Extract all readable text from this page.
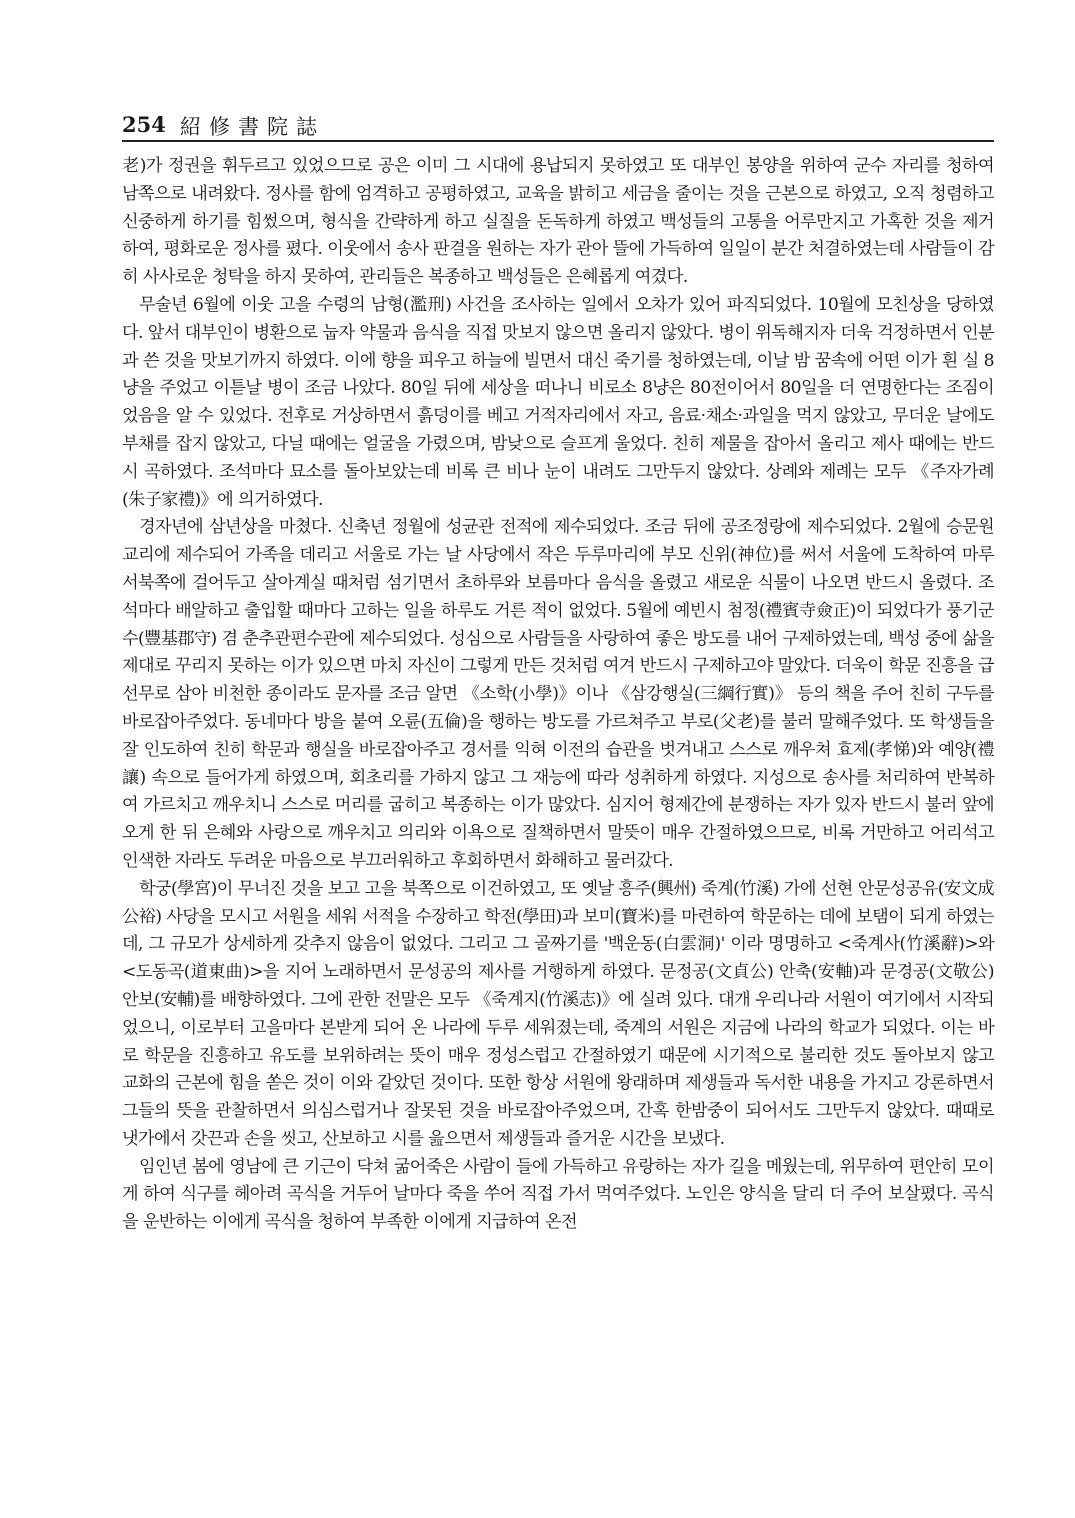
254 紹修書院誌

老)가 정권을 휘두르고 있었으므로 공은 이미 그 시대에 용납되지 못하였고 또 대부인 봉양을 위하여 군수 자리를 청하여 남쪽으로 내려왔다. 정사를 함에 엄격하고 공평하였고, 교육을 밝히고 세금을 줄이는 것을 근본으로 하였고, 오직 청렴하고 신중하게 하기를 힘썼으며, 형식을 간략하게 하고 실질을 돈독하게 하였고 백성들의 고통을 어루만지고 가혹한 것을 제거하여, 평화로운 정사를 폈다. 이웃에서 송사 판결을 원하는 자가 관아 뜰에 가득하여 일일이 분간 처결하였는데 사람들이 감히 사사로운 청탁을 하지 못하여, 관리들은 복종하고 백성들은 은혜롭게 여겼다.

무술년 6월에 이웃 고을 수령의 남형(濫刑) 사건을 조사하는 일에서 오차가 있어 파직되었다. 10월에 모친상을 당하였다. 앞서 대부인이 병환으로 눕자 약물과 음식을 직접 맛보지 않으면 올리지 않았다. 병이 위독해지자 더욱 걱정하면서 인분과 쓴 것을 맛보기까지 하였다. 이에 향을 피우고 하늘에 빌면서 대신 죽기를 청하였는데, 이날 밤 꿈속에 어떤 이가 흰 실 8냥을 주었고 이튿날 병이 조금 나았다. 80일 뒤에 세상을 떠나니 비로소 8냥은 80전이어서 80일을 더 연명한다는 조짐이었음을 알 수 있었다. 전후로 거상하면서 흙덩이를 베고 거적자리에서 자고, 음료·채소·과일을 먹지 않았고, 무더운 날에도 부채를 잡지 않았고, 다닐 때에는 얼굴을 가렸으며, 밤낮으로 슬프게 울었다. 친히 제물을 잡아서 올리고 제사 때에는 반드시 곡하였다. 조석마다 묘소를 돌아보았는데 비록 큰 비나 눈이 내려도 그만두지 않았다. 상례와 제례는 모두 《주자가례(朱子家禮)》에 의거하였다.

경자년에 삼년상을 마쳤다. 신축년 정월에 성균관 전적에 제수되었다. 조금 뒤에 공조정랑에 제수되었다. 2월에 승문원 교리에 제수되어 가족을 데리고 서울로 가는 날 사당에서 작은 두루마리에 부모 신위(神位)를 써서 서울에 도착하여 마루 서북쪽에 걸어두고 살아계실 때처럼 섬기면서 초하루와 보름마다 음식을 올렸고 새로운 식물이 나오면 반드시 올렸다. 조석마다 배알하고 출입할 때마다 고하는 일을 하루도 거른 적이 없었다. 5월에 예빈시 첨정(禮賓寺僉正)이 되었다가 풍기군수(豐基郡守) 겸 춘추관편수관에 제수되었다. 성심으로 사람들을 사랑하여 좋은 방도를 내어 구제하였는데, 백성 중에 삶을 제대로 꾸리지 못하는 이가 있으면 마치 자신이 그렇게 만든 것처럼 여겨 반드시 구제하고야 말았다. 더욱이 학문 진흥을 급선무로 삼아 비천한 종이라도 문자를 조금 알면 《소학(小學)》이나 《삼강행실(三綱行實)》 등의 책을 주어 친히 구두를 바로잡아주었다. 동네마다 방을 붙여 오륜(五倫)을 행하는 방도를 가르쳐주고 부로(父老)를 불러 말해주었다. 또 학생들을 잘 인도하여 친히 학문과 행실을 바로잡아주고 경서를 익혀 이전의 습관을 벗겨내고 스스로 깨우쳐 효제(孝悌)와 예양(禮讓) 속으로 들어가게 하였으며, 회초리를 가하지 않고 그 재능에 따라 성취하게 하였다. 지성으로 송사를 처리하여 반복하여 가르치고 깨우치니 스스로 머리를 굽히고 복종하는 이가 많았다. 심지어 형제간에 분쟁하는 자가 있자 반드시 불러 앞에 오게 한 뒤 은혜와 사랑으로 깨우치고 의리와 이욕으로 질책하면서 말뜻이 매우 간절하였으므로, 비록 거만하고 어리석고 인색한 자라도 두려운 마음으로 부끄러워하고 후회하면서 화해하고 물러갔다.

학궁(學宮)이 무너진 것을 보고 고을 북쪽으로 이건하였고, 또 옛날 흥주(興州) 죽계(竹溪) 가에 선현 안문성공유(安文成公裕) 사당을 모시고 서원을 세워 서적을 수장하고 학전(學田)과 보미(寶米)를 마련하여 학문하는 데에 보탬이 되게 하였는데, 그 규모가 상세하게 갖추지 않음이 없었다. 그리고 그 골짜기를 '백운동(白雲洞)' 이라 명명하고 <죽계사(竹溪辭)>와 <도동곡(道東曲)>을 지어 노래하면서 문성공의 제사를 거행하게 하였다. 문정공(文貞公) 안축(安軸)과 문경공(文敬公) 안보(安輔)를 배향하였다. 그에 관한 전말은 모두 《죽계지(竹溪志)》에 실려 있다. 대개 우리나라 서원이 여기에서 시작되었으니, 이로부터 고을마다 본받게 되어 온 나라에 두루 세워졌는데, 죽계의 서원은 지금에 나라의 학교가 되었다. 이는 바로 학문을 진흥하고 유도를 보위하려는 뜻이 매우 정성스럽고 간절하였기 때문에 시기적으로 불리한 것도 돌아보지 않고 교화의 근본에 힘을 쏟은 것이 이와 같았던 것이다. 또한 항상 서원에 왕래하며 제생들과 독서한 내용을 가지고 강론하면서 그들의 뜻을 관찰하면서 의심스럽거나 잘못된 것을 바로잡아주었으며, 간혹 한밤중이 되어서도 그만두지 않았다. 때때로 냇가에서 갓끈과 손을 씻고, 산보하고 시를 읊으면서 제생들과 즐거운 시간을 보냈다.

임인년 봄에 영남에 큰 기근이 닥쳐 굶어죽은 사람이 들에 가득하고 유랑하는 자가 길을 메웠는데, 위무하여 편안히 모이게 하여 식구를 헤아려 곡식을 거두어 날마다 죽을 쑤어 직접 가서 먹여주었다. 노인은 양식을 달리 더 주어 보살폈다. 곡식을 운반하는 이에게 곡식을 청하여 부족한 이에게 지급하여 온전
